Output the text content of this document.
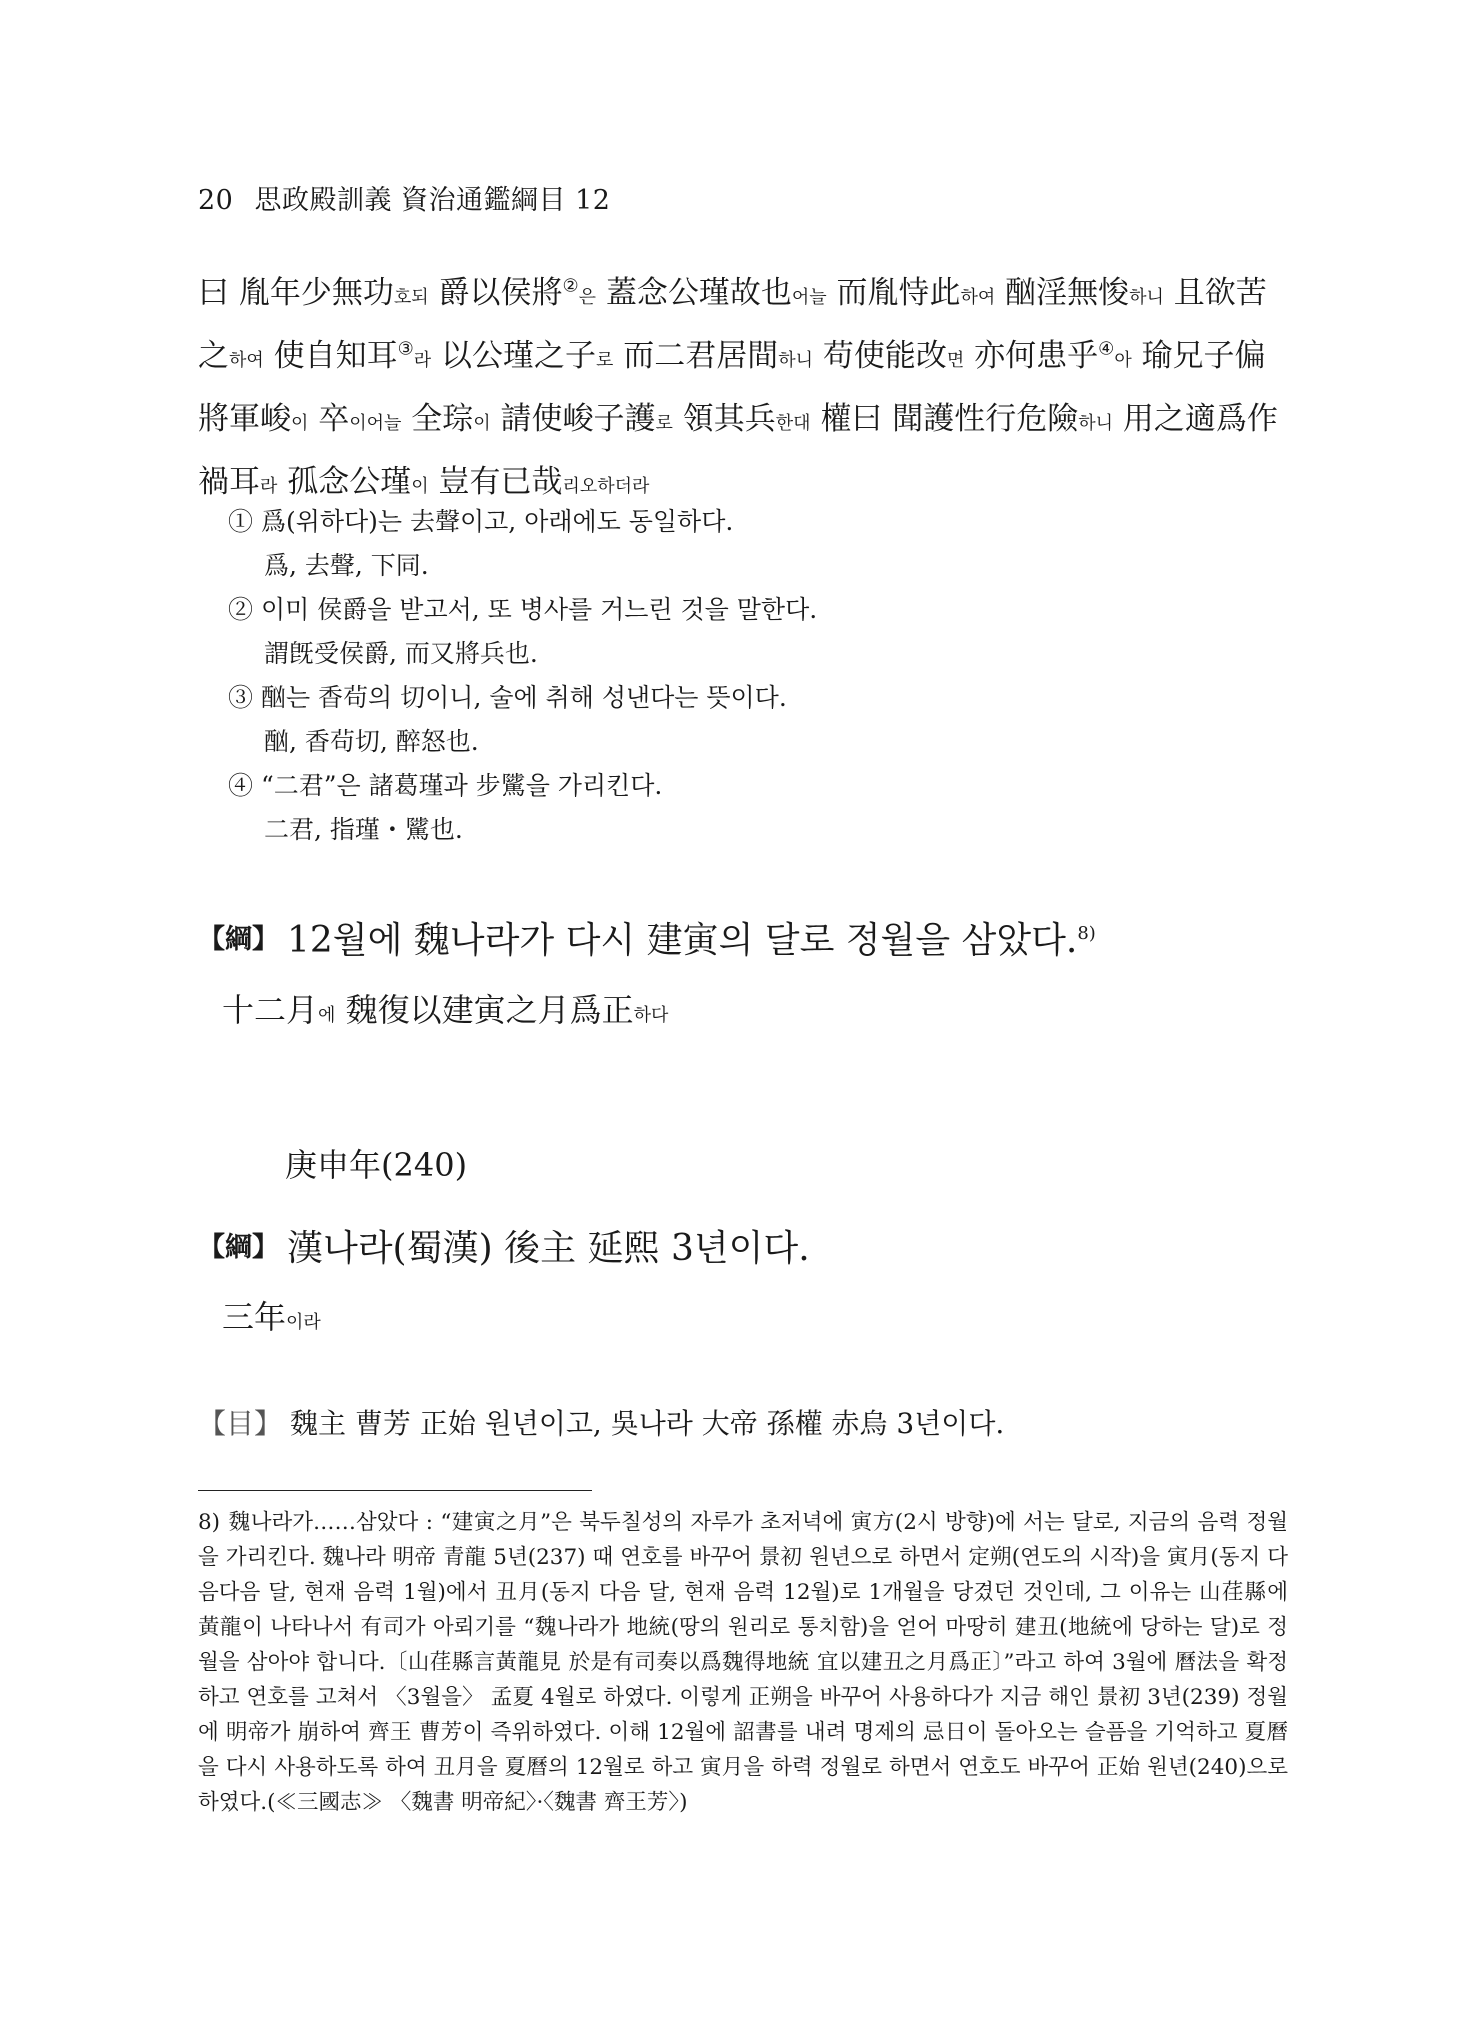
20 思政殿訓義 資治通鑑綱目 12
曰 胤年少無功호되 爵以侯將②은 蓋念公瑾故也어늘 而胤恃此하여 酗淫無悛하니 且欲苦之하여 使自知耳③라 以公瑾之子로 而二君居間하니 苟使能改면 亦何患乎④아 瑜兄子偏將軍峻이 卒이어늘 全琮이 請使峻子護로 領其兵한대 權曰 聞護性行危險하니 用之適爲作禍耳라 孤念公瑾이 豈有已哉리오하더라
① 爲(위하다)는 去聲이고, 아래에도 동일하다.
爲, 去聲, 下同.
② 이미 侯爵을 받고서, 또 병사를 거느린 것을 말한다.
謂旣受侯爵, 而又將兵也.
③ 酗는 香茍의 切이니, 술에 취해 성낸다는 뜻이다.
酗, 香茍切, 醉怒也.
④ “二君”은 諸葛瑾과 步騭을 가리킨다.
二君, 指瑾・騭也.
【綱】 12월에 魏나라가 다시 建寅의 달로 정월을 삼았다.$^{8)}$
十二月에 魏復以建寅之月爲正하다
庚申年(240)
【綱】 漢나라(蜀漢) 後主 延熙 3년이다.
三年이라
【目】 魏主 曹芳 正始 원년이고, 吳나라 大帝 孫權 赤烏 3년이다.
8) 魏나라가……삼았다 : “建寅之月”은 북두칠성의 자루가 초저녁에 寅方(2시 방향)에 서는 달로, 지금의 음력 정월을 가리킨다. 魏나라 明帝 青龍 5년(237) 때 연호를 바꾸어 景初 원년으로 하면서 定朔(연도의 시작)을 寅月(동지 다음다음 달, 현재 음력 1월)에서 丑月(동지 다음 달, 현재 음력 12월)로 1개월을 당겼던 것인데, 그 이유는 山荏縣에 黃龍이 나타나서 有司가 아뢰기를 “魏나라가 地統(땅의 원리로 통치함)을 얻어 마땅히 建丑(地統에 당하는 달)로 정월을 삼아야 합니다.〔山荏縣言黃龍見 於是有司奏以爲魏得地統 宜以建丑之月爲正〕”라고 하여 3월에 曆法을 확정하고 연호를 고쳐서 〈3월을〉 孟夏 4월로 하였다. 이렇게 正朔을 바꾸어 사용하다가 지금 해인 景初 3년(239) 정월에 明帝가 崩하여 齊王 曹芳이 즉위하였다. 이해 12월에 詔書를 내려 명제의 忌日이 돌아오는 슬픔을 기억하고 夏曆을 다시 사용하도록 하여 丑月을 夏曆의 12월로 하고 寅月을 하력 정월로 하면서 연호도 바꾸어 正始 원년(240)으로 하였다.(≪三國志≫ 〈魏書 明帝紀〉·〈魏書 齊王芳〉)
